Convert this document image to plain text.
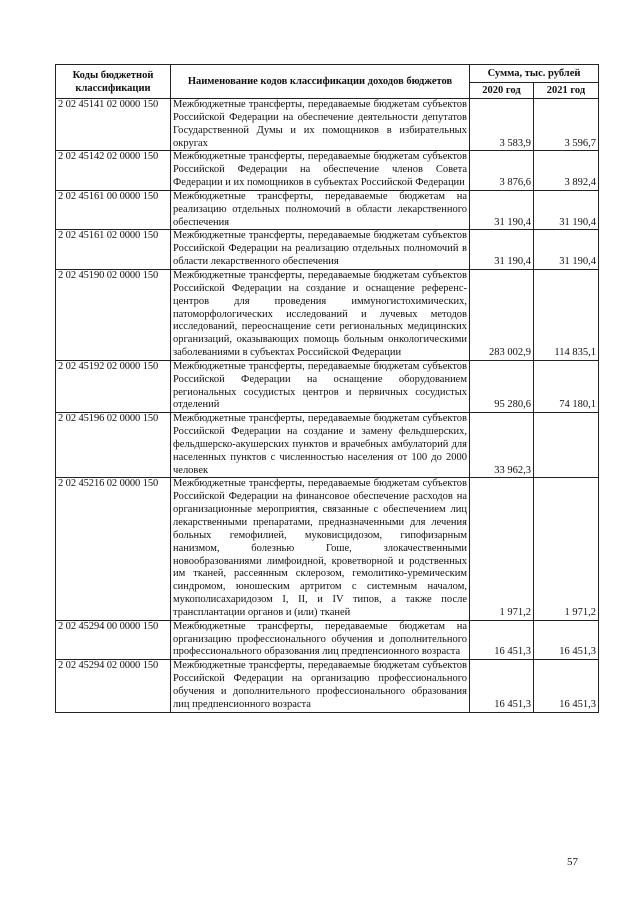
Коды бюджетной классификации	Наименование кодов классификации доходов бюджетов	Сумма, тыс. рублей	
		2020 год	2021 год
2 02 45141 02 0000 150	Межбюджетные трансферты, передаваемые бюджетам субъектов Российской Федерации на обеспечение деятельности депутатов Государственной Думы и их помощников в избирательных округах	3 583,9	3 596,7
2 02 45142 02 0000 150	Межбюджетные трансферты, передаваемые бюджетам субъектов Российской Федерации на обеспечение членов Совета Федерации и их помощников в субъектах Российской Федерации	3 876,6	3 892,4
2 02 45161 00 0000 150	Межбюджетные трансферты, передаваемые бюджетам на реализацию отдельных полномочий в области лекарственного обеспечения	31 190,4	31 190,4
2 02 45161 02 0000 150	Межбюджетные трансферты, передаваемые бюджетам субъектов Российской Федерации на реализацию отдельных полномочий в области лекарственного обеспечения	31 190,4	31 190,4
2 02 45190 02 0000 150	Межбюджетные трансферты, передаваемые бюджетам субъектов Российской Федерации на создание и оснащение референс-центров для проведения иммуногистохимических, патоморфологических исследований и лучевых методов исследований, переоснащение сети региональных медицинских организаций, оказывающих помощь больным онкологическими заболеваниями в субъектах Российской Федерации	283 002,9	114 835,1
2 02 45192 02 0000 150	Межбюджетные трансферты, передаваемые бюджетам субъектов Российской Федерации на оснащение оборудованием региональных сосудистых центров и первичных сосудистых отделений	95 280,6	74 180,1
2 02 45196 02 0000 150	Межбюджетные трансферты, передаваемые бюджетам субъектов Российской Федерации на создание и замену фельдшерских, фельдшерско-акушерских пунктов и врачебных амбулаторий для населенных пунктов с численностью населения от 100 до 2000 человек	33 962,3	
2 02 45216 02 0000 150	Межбюджетные трансферты, передаваемые бюджетам субъектов Российской Федерации на финансовое обеспечение расходов на организационные мероприятия, связанные с обеспечением лиц лекарственными препаратами, предназначенными для лечения больных гемофилией, муковисцидозом, гипофизарным нанизмом, болезнью Гоше, злокачественными новообразованиями лимфоидной, кроветворной и родственных им тканей, рассеянным склерозом, гемолитико-уремическим синдромом, юношеским артритом с системным началом, мукополисахаридозом I, II, и IV типов, а также после трансплантации органов и (или) тканей	1 971,2	1 971,2
2 02 45294 00 0000 150	Межбюджетные трансферты, передаваемые бюджетам на организацию профессионального обучения и дополнительного профессионального образования лиц предпенсионного возраста	16 451,3	16 451,3
2 02 45294 02 0000 150	Межбюджетные трансферты, передаваемые бюджетам субъектов Российской Федерации на организацию профессионального обучения и дополнительного профессионального образования лиц предпенсионного возраста	16 451,3	16 451,3
57
